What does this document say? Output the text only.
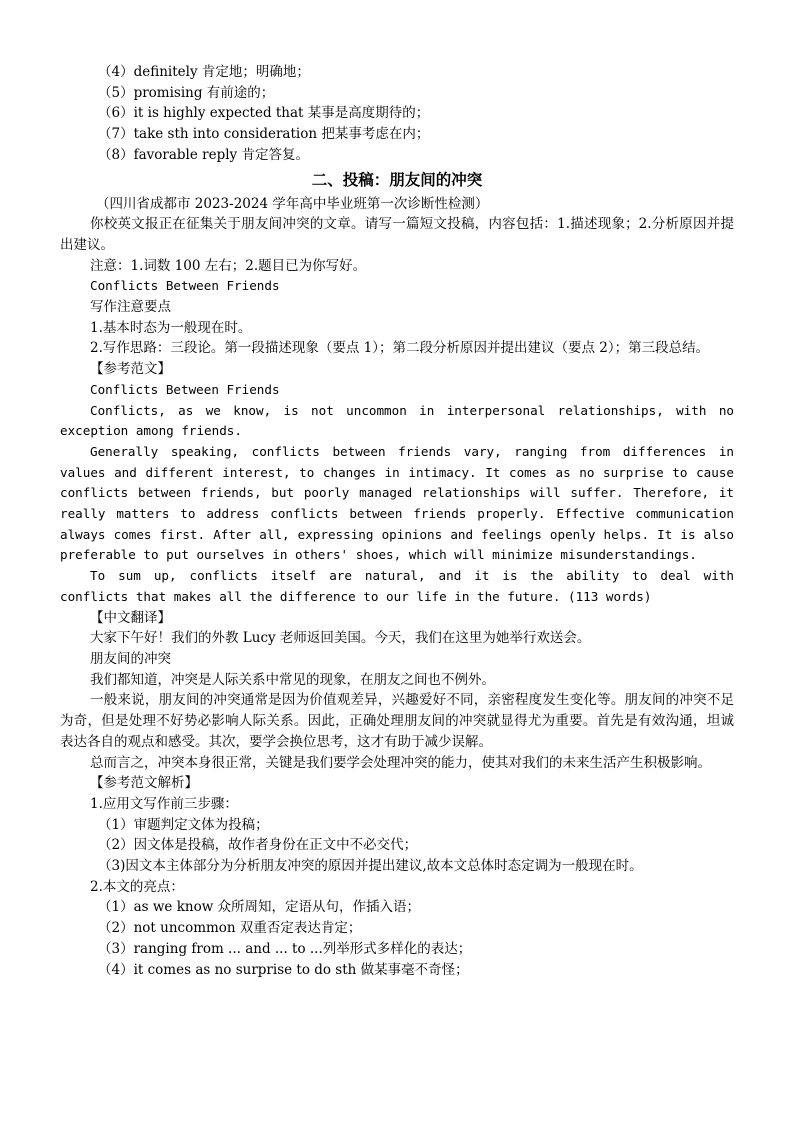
（4）definitely 肯定地；明确地；
（5）promising 有前途的；
（6）it is highly expected that 某事是高度期待的；
（7）take sth into consideration 把某事考虑在内；
（8）favorable reply 肯定答复。
二、投稿：朋友间的冲突
（四川省成都市 2023-2024 学年高中毕业班第一次诊断性检测）

你校英文报正在征集关于朋友间冲突的文章。请写一篇短文投稿，内容包括：1.描述现象；2.分析原因并提出建议。

注意：1.词数 100 左右；2.题目已为你写好。
Conflicts Between Friends
写作注意要点
1.基本时态为一般现在时。

2.写作思路：三段论。第一段描述现象（要点 1）；第二段分析原因并提出建议（要点 2）；第三段总结。

【参考范文】
Conflicts Between Friends

Conflicts, as we know, is not uncommon in interpersonal relationships, with no exception among friends.

Generally speaking, conflicts between friends vary, ranging from differences in values and different interest, to changes in intimacy. It comes as no surprise to cause conflicts between friends, but poorly managed relationships will suffer. Therefore, it really matters to address conflicts between friends properly. Effective communication always comes first. After all, expressing opinions and feelings openly helps. It is also preferable to put ourselves in others' shoes, which will minimize misunderstandings.

To sum up, conflicts itself are natural, and it is the ability to deal with conflicts that makes all the difference to our life in the future. (113 words)

【中文翻译】

大家下午好！我们的外教 Lucy 老师返回美国。今天，我们在这里为她举行欢送会。

朋友间的冲突

我们都知道，冲突是人际关系中常见的现象，在朋友之间也不例外。

一般来说，朋友间的冲突通常是因为价值观差异，兴趣爱好不同，亲密程度发生变化等。朋友间的冲突不足为奇，但是处理不好势必影响人际关系。因此，正确处理朋友间的冲突就显得尤为重要。首先是有效沟通，坦诚表达各自的观点和感受。其次，要学会换位思考，这才有助于减少误解。

总而言之，冲突本身很正常，关键是我们要学会处理冲突的能力，使其对我们的未来生活产生积极影响。

【参考范文解析】
1.应用文写作前三步骤：
（1）审题判定文体为投稿；
（2）因文体是投稿，故作者身份在正文中不必交代；
（3)因文本主体部分为分析朋友冲突的原因并提出建议,故本文总体时态定调为一般现在时。
2.本文的亮点：
（1）as we know 众所周知，定语从句，作插入语；
（2）not uncommon 双重否定表达肯定；
（3）ranging from ... and ... to ...列举形式多样化的表达；
（4）it comes as no surprise to do sth 做某事毫不奇怪；
